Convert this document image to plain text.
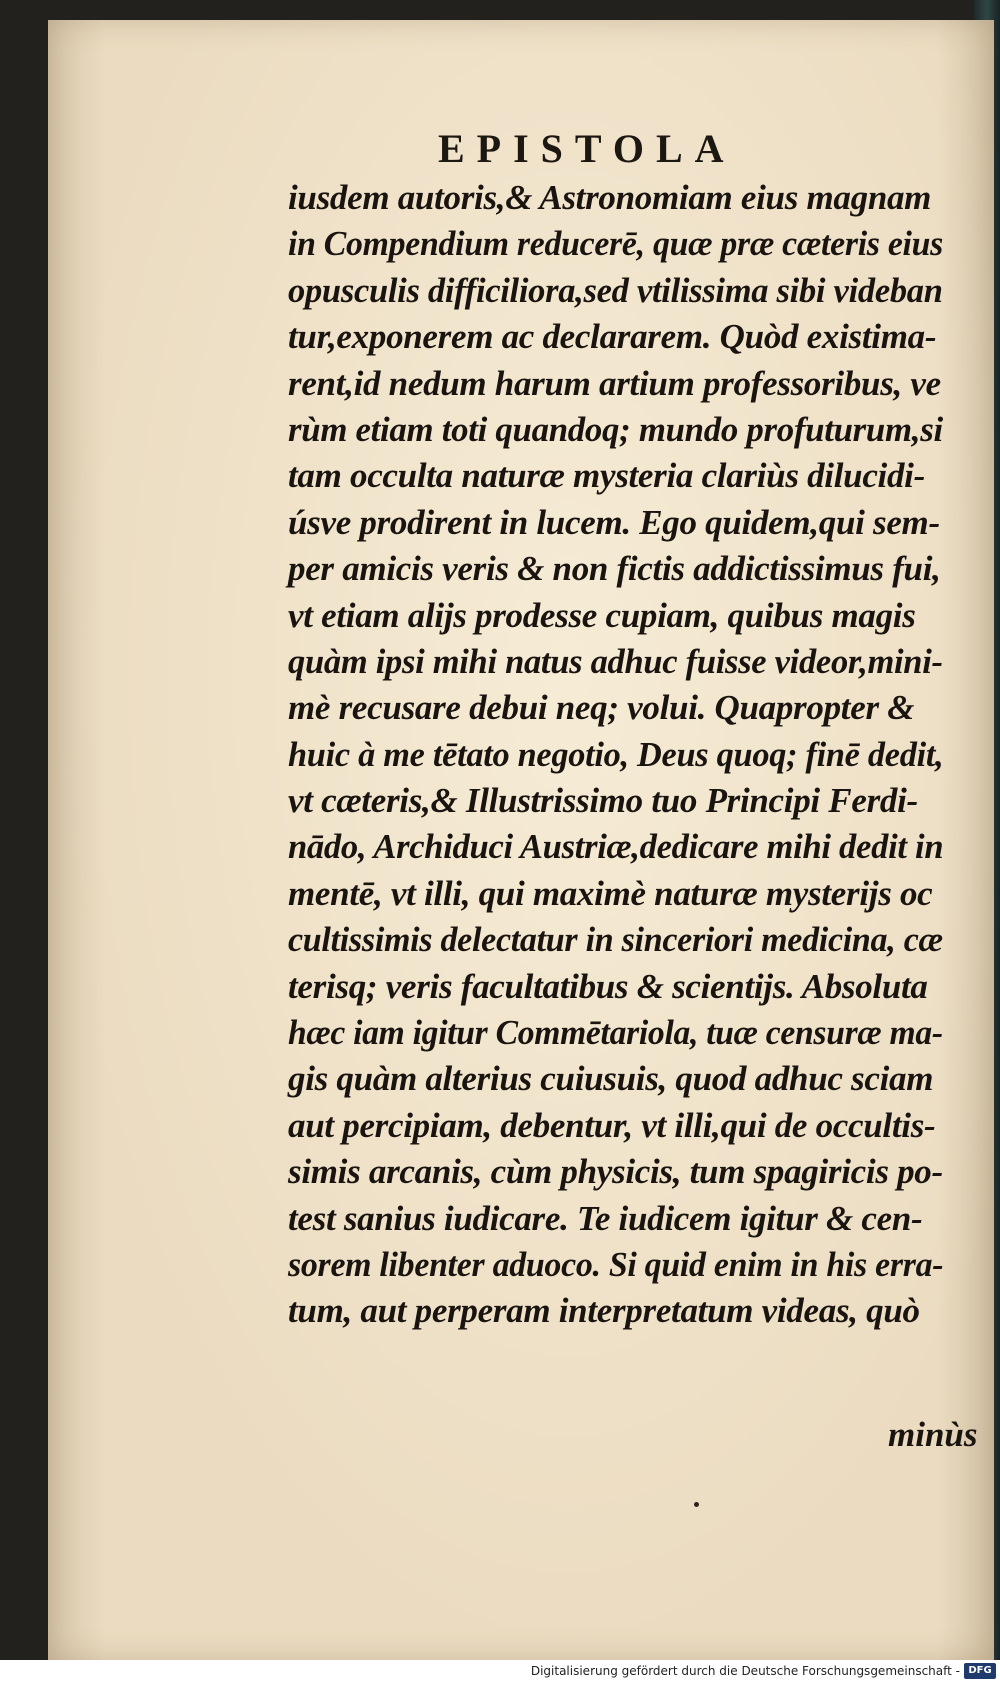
EPISTOLA
iusdem autoris,& Astronomiam eius magnam
in Compendium reducerē, quæ præ cæteris eius
opusculis difficiliora,sed vtilissima sibi videban
tur,exponerem ac declararem. Quòd existima-
rent,id nedum harum artium professoribus, ve
rùm etiam toti quandoq; mundo profuturum,si
tam occulta naturæ mysteria clariùs dilucidi-
úsve prodirent in lucem. Ego quidem,qui sem-
per amicis veris & non fictis addictissimus fui,
vt etiam alijs prodesse cupiam, quibus magis
quàm ipsi mihi natus adhuc fuisse videor,mini-
mè recusare debui neq; volui. Quapropter &
huic à me tētato negotio, Deus quoq; finē dedit,
vt cæteris,& Illustrissimo tuo Principi Ferdi-
nādo, Archiduci Austriæ,dedicare mihi dedit in
mentē, vt illi, qui maximè naturæ mysterijs oc
cultissimis delectatur in sinceriori medicina, cæ
terisq; veris facultatibus & scientijs. Absoluta
hæc iam igitur Commētariola, tuæ censuræ ma-
gis quàm alterius cuiusuis, quod adhuc sciam
aut percipiam, debentur, vt illi,qui de occultis-
simis arcanis, cùm physicis, tum spagiricis po-
test sanius iudicare. Te iudicem igitur & cen-
sorem libenter aduoco. Si quid enim in his erra-
tum, aut perperam interpretatum videas, quò
minùs
Digitalisierung gefördert durch die Deutsche Forschungsgemeinschaft - DFG
